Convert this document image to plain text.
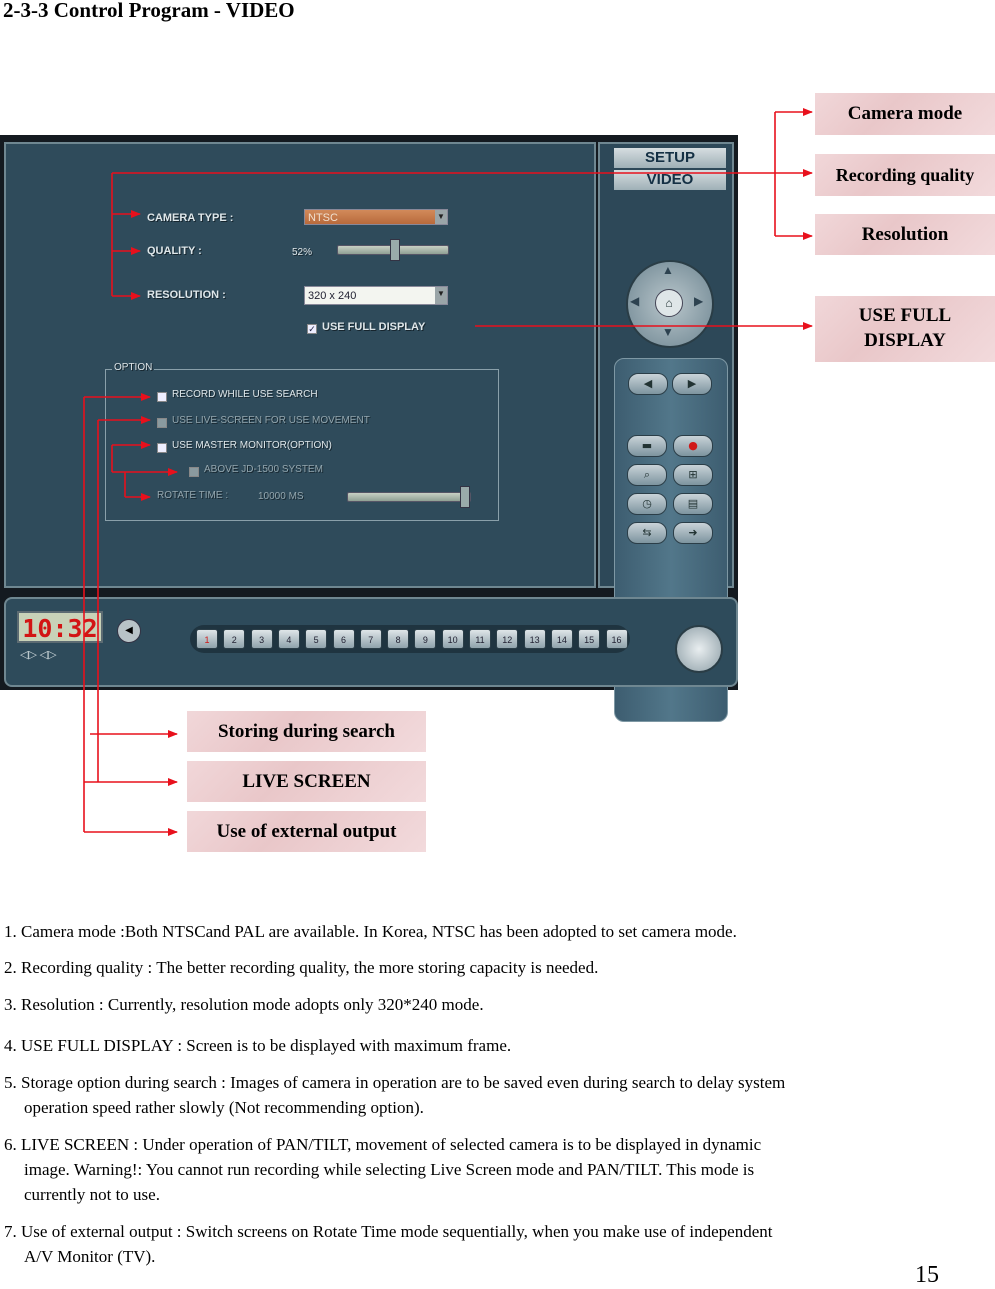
2-3-3 Control Program - VIDEO
CAMERA TYPE :	NTSC	▼
QUALITY :	52%
RESOLUTION :	320 x 240	▼
✓ USE FULL DISPLAY
OPTION
RECORD WHILE USE SEARCH
USE LIVE-SCREEN FOR USE MOVEMENT
USE MASTER MONITOR(OPTION)
ABOVE JD-1500 SYSTEM
ROTATE TIME :	10000 MS
SETUP
VIDEO
⌂
▲
▼
◀	▶
◀	▶
▬	●
⌕	⊞
◷	▤
⇆	➜
10:32
◁▷ ◁▷
◀
1	2	3	4	5	6	7	8	9	10	11	12	13	14	15	16
Camera mode
Recording quality
Resolution
USE FULL
DISPLAY
Storing during search
LIVE SCREEN
Use of external output
1. Camera mode :Both NTSCand PAL are available. In Korea, NTSC has been adopted to set camera mode.
2. Recording quality : The better recording quality, the more storing capacity is needed.
3. Resolution : Currently, resolution mode adopts only 320*240 mode.
4. USE FULL DISPLAY : Screen is to be displayed with maximum frame.
5. Storage option during search : Images of camera in operation are to be saved even during search to delay system
operation speed rather slowly (Not recommending option).
6. LIVE SCREEN : Under operation of PAN/TILT, movement of selected camera is to be displayed in dynamic
image. Warning!: You cannot run recording while selecting Live Screen mode and PAN/TILT. This mode is
currently not to use.
7. Use of external output : Switch screens on Rotate Time mode sequentially, when you make use of independent
A/V Monitor (TV).
15
